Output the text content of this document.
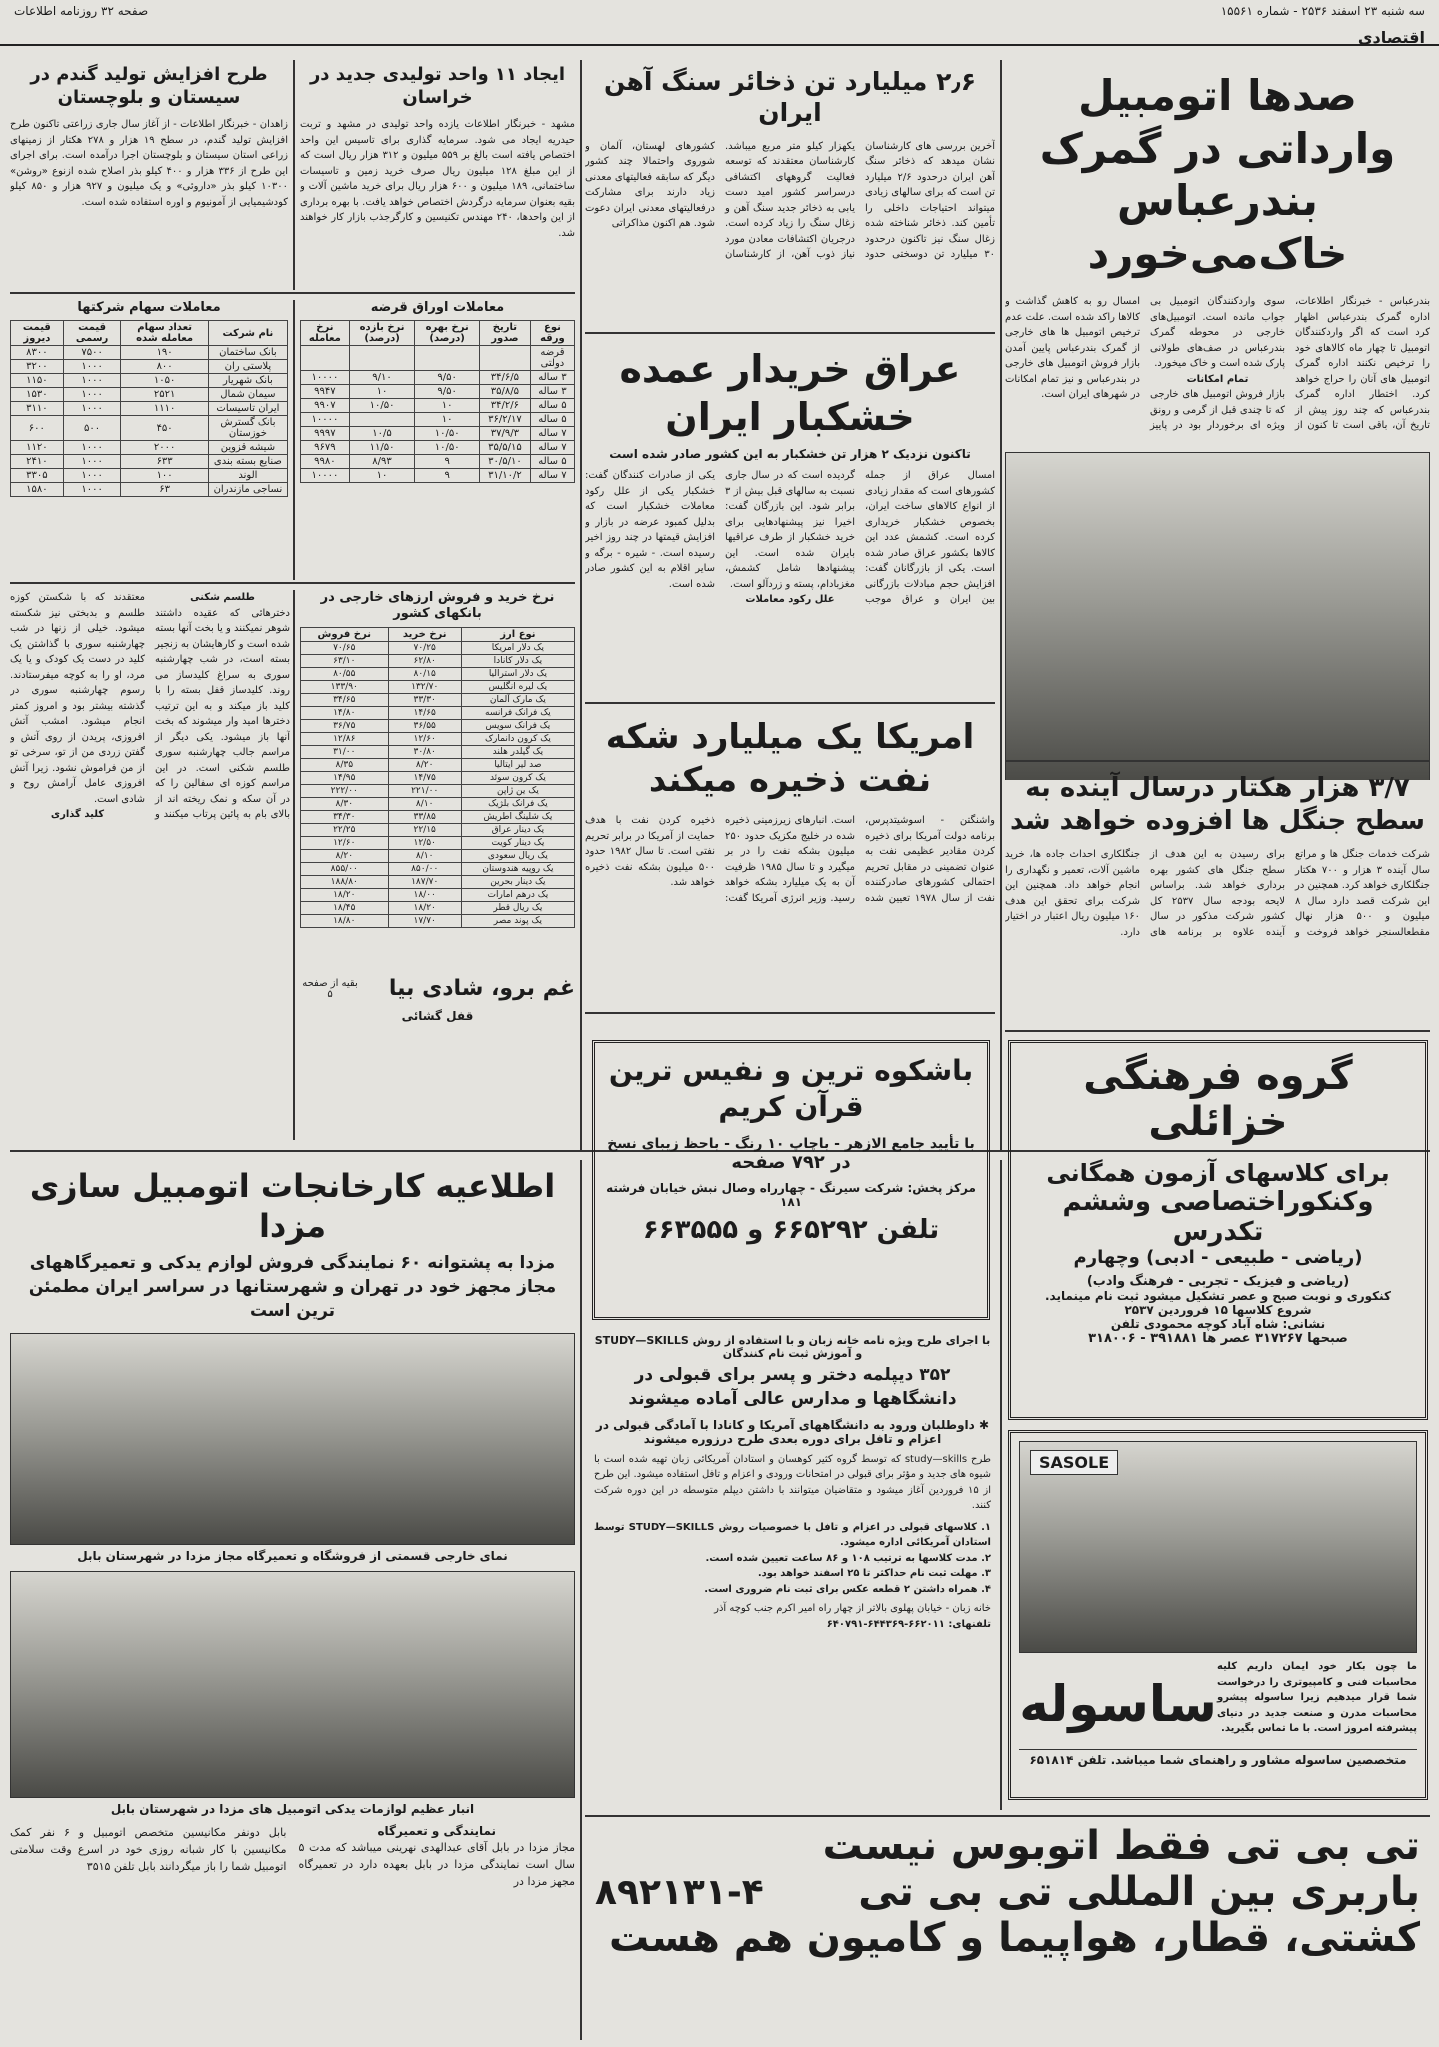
سه شنبه ۲۳ اسفند ۲۵۳۶ - شماره ۱۵۵۶۱
اقتصادی
صفحه ۳۲ روزنامه اطلاعات
صدها اتومبیل وارداتی در گمرک بندرعباس خاک‌می‌خورد
بندرعباس - خبرنگار اطلاعات، اداره گمرک بندرعباس اظهار کرد است که اگر واردکنندگان اتومبیل تا چهار ماه کالاهای خود را ترخیص نکنند اداره گمرک اتومبیل های آنان را حراج خواهد کرد. اختطار اداره گمرک بندرعباس که چند روز پیش از تاریخ آن، باقی است تا کنون از سوی واردکنندگان اتومبیل بی جواب مانده است. اتومبیل‌های خارجی در محوطه گمرک بندرعباس در صف‌های طولانی پارک شده است و خاک میخورد.
تمام امکانات
بازار فروش اتومبیل های خارجی که تا چندی قبل از گرمی و رونق ویژه ای برخوردار بود در پاییز امسال رو به کاهش گذاشت و کالاها راکد شده است. علت عدم ترخیص اتومبیل ها های خارجی از گمرک بندرعباس پایین آمدن بازار فروش اتومبیل های خارجی در بندرعباس و نیز تمام امکانات در شهرهای ایران است.
۳/۷ هزار هکتار درسال آینده به سطح جنگل ها افزوده خواهد شد
شرکت خدمات جنگل ها و مراتع سال آینده ۳ هزار و ۷۰۰ هکتار جنگلکاری خواهد کرد. همچنین در این شرکت قصد دارد سال ۸ میلیون و ۵۰۰ هزار نهال مقطعالسنجر خواهد فروخت و برای رسیدن به این هدف از سطح جنگل های کشور بهره برداری خواهد شد. براساس لایحه بودجه سال ۲۵۳۷ کل کشور شرکت مذکور در سال آینده علاوه بر برنامه های جنگلکاری احداث جاده ها، خرید ماشین آلات، تعمیر و نگهداری را انجام خواهد داد. همچنین این شرکت برای تحقق این هدف ۱۶۰ میلیون ریال اعتبار در اختیار دارد.
گروه فرهنگی خزائلی
برای کلاسهای آزمون همگانی
وکنکوراختصاصی وششم تکدرس
(ریاضی - طبیعی - ادبی) وچهارم
(ریاضی و فیزیک - تجربی - فرهنگ وادب)
کنکوری و نوبت صبح و عصر تشکیل میشود ثبت نام مینماید.
شروع کلاسها ۱۵ فروردین ۲۵۳۷
نشانی: شاه آباد کوچه محمودی تلفن
صبحها ۳۱۷۲۶۷ عصر ها ۳۹۱۸۸۱ - ۳۱۸۰۰۶
SASOLE
ما چون بکار خود ایمان داریم کلیه محاسبات فنی و کامپیوتری را درخواست شما قرار میدهیم زیرا ساسوله پیشرو محاسبات مدرن و صنعت جدید در دنیای پیشرفته امروز است. با ما تماس بگیرید.
ساسوله
متخصصین ساسوله مشاور و راهنمای شما میباشد. تلفن ۶۵۱۸۱۴
۲٫۶ میلیارد تن ذخائر سنگ آهن ایران
آخرین بررسی های کارشناسان نشان میدهد که ذخائر سنگ آهن ایران درحدود ۲/۶ میلیارد تن است که برای سالهای زیادی میتواند احتیاجات داخلی را تأمین کند. ذخائر شناخته شده زغال سنگ نیز تاکنون درحدود ۳۰ میلیارد تن دوسختی حدود یکهزار کیلو متر مربع میباشد. کارشناسان معتقدند که توسعه فعالیت گروههای اکتشافی درسراسر کشور امید دست یابی به ذخائر جدید سنگ آهن و زغال سنگ را زیاد کرده است. درجریان اکتشافات معادن مورد نیاز ذوب آهن، از کارشناسان کشورهای لهستان، آلمان و شوروی واحتمالا چند کشور دیگر که سابقه فعالیتهای معدنی زیاد دارند برای مشارکت درفعالیتهای معدنی ایران دعوت شود. هم اکنون مذاکراتی
عراق خریدار عمده خشکبار ایران
تاکنون نزدیک ۲ هزار تن خشکبار به این کشور صادر شده است
امسال عراق از جمله کشورهای است که مقدار زیادی از انواع کالاهای ساخت ایران، بخصوص خشکبار خریداری کرده است. کشمش عدد این کالاها بکشور عراق صادر شده است. یکی از بازرگانان گفت: افزایش حجم مبادلات بازرگانی بین ایران و عراق موجب گردیده است که در سال جاری نسبت به سالهای قبل بیش از ۳ برابر شود. این بازرگان گفت: اخیرا نیز پیشنهادهایی برای خرید خشکبار از طرف عراقیها بایران شده است. این پیشنهادها شامل کشمش، مغزبادام، پسته و زردآلو است.
علل رکود معاملات
یکی از صادرات کنندگان گفت: خشکبار یکی از علل رکود معاملات خشکبار است که بدلیل کمبود عرضه در بازار و افزایش قیمتها در چند روز اخیر رسیده است. - شیره - برگه و سایر اقلام به این کشور صادر شده است.
امریکا یک میلیارد شکه نفت ذخیره میکند
واشنگتن - اسوشیتدپرس، برنامه دولت آمریکا برای ذخیره کردن مقادیر عظیمی نفت به عنوان تضمینی در مقابل تحریم احتمالی کشورهای صادرکننده نفت از سال ۱۹۷۸ تعیین شده است. انبارهای زیرزمینی ذخیره شده در خلیج مکزیک حدود ۲۵۰ میلیون بشکه نفت را در بر میگیرد و تا سال ۱۹۸۵ ظرفیت آن به یک میلیارد بشکه خواهد رسید. وزیر انرژی آمریکا گفت: ذخیره کردن نفت با هدف حمایت از آمریکا در برابر تحریم نفتی است. تا سال ۱۹۸۲ حدود ۵۰۰ میلیون بشکه نفت ذخیره خواهد شد.
باشکوه ترین و نفیس ترین قرآن کریم
با تأیید جامع الازهر - باچاپ ۱۰ رنگ - باحظ زیبای نسخ
در ۷۹۲ صفحه
مرکز پخش: شرکت سیرنگ - چهارراه وصال نبش خیابان فرشته ۱۸۱
تلفن ۶۶۵۲۹۲ و ۶۶۳۵۵۵
با اجرای طرح ویژه نامه خانه زبان و با استفاده از روش STUDY—SKILLS و آموزش ثبت نام کنندگان
۳۵۲ دیپلمه دختر و پسر برای قبولی در دانشگاهها و مدارس عالی آماده میشوند
✱ داوطلبان ورود به دانشگاههای آمریکا و کانادا با آمادگی قبولی در اعزام و تافل برای دوره بعدی طرح درزوره میشوند
طرح study—skills که توسط گروه کثیر کوهسان و استادان آمریکائی زبان تهیه شده است با شیوه های جدید و مؤثر برای قبولی در امتحانات ورودی و اعزام و تافل استفاده میشود. این طرح از ۱۵ فروردین آغاز میشود و متقاضیان میتوانند با داشتن دیپلم متوسطه در این دوره شرکت کنند.
۱. کلاسهای قبولی در اعزام و تافل با خصوصیات روش STUDY—SKILLS توسط استادان آمریکائی اداره میشود.
۲. مدت کلاسها به ترتیب ۱۰۸ و ۸۶ ساعت تعیین شده است.
۳. مهلت ثبت نام حداکثر تا ۲۵ اسفند خواهد بود.
۴. همراه داشتن ۲ قطعه عکس برای ثبت نام ضروری است.
خانه زبان - خیابان پهلوی بالاتر از چهار راه امیر اکرم جنب کوچه آذر
تلفنهای: ۶۶۲۰۱۱-۶۴۴۳۶۹-۶۴۰۷۹۱
ایجاد ۱۱ واحد تولیدی جدید در خراسان
مشهد - خبرنگار اطلاعات یازده واحد تولیدی در مشهد و تربت حیدریه ایجاد می شود. سرمایه گذاری برای تاسیس این واحد اختصاص یافته است بالغ بر ۵۵۹ میلیون و ۳۱۲ هزار ریال است که از این مبلغ ۱۲۸ میلیون ریال صرف خرید زمین و تاسیسات ساختمانی، ۱۸۹ میلیون و ۶۰۰ هزار ریال برای خرید ماشین آلات و بقیه بعنوان سرمایه درگردش اختصاص خواهد یافت. با بهره برداری از این واحدها، ۲۴۰ مهندس تکنیسین و کارگرجذب بازار کار خواهند شد.
طرح افزایش تولید گندم در سیستان و بلوچستان
زاهدان - خبرنگار اطلاعات - از آغاز سال جاری زراعتی تاکنون طرح افزایش تولید گندم، در سطح ۱۹ هزار و ۲۷۸ هکتار از زمینهای زراعی استان سیستان و بلوچستان اجرا درآمده است. برای اجرای این طرح از ۳۳۶ هزار و ۴۰۰ کیلو بذر اصلاح شده ازنوع «روشن» ۱۰۳۰۰ کیلو بذر «داروئی» و یک میلیون و ۹۲۷ هزار و ۸۵۰ کیلو کودشیمیایی از آمونیوم و اوره استفاده شده است.
معاملات اوراق قرضه
نوع ورقه	تاریخ صدور	نرخ بهره (درصد)	نرخ بازده (درصد)	نرخ معامله
قرضه دولتی				
۳ ساله	۳۴/۶/۵	۹/۵۰	۹/۱۰	۱۰۰۰۰
۳ ساله	۳۵/۸/۵	۹/۵۰	۱۰	۹۹۴۷
۵ ساله	۳۴/۲/۶	۱۰	۱۰/۵۰	۹۹۰۷
۵ ساله	۳۶/۲/۱۷	۱۰		۱۰۰۰۰
۷ ساله	۳۷/۹/۳	۱۰/۵۰	۱۰/۵	۹۹۹۷
۷ ساله	۳۵/۵/۱۵	۱۰/۵۰	۱۱/۵۰	۹۶۷۹
۵ ساله	۳۰/۵/۱۰	۹	۸/۹۳	۹۹۸۰
۷ ساله	۳۱/۱۰/۲	۹	۱۰	۱۰۰۰۰
معاملات سهام شرکتها
نام شرکت	تعداد سهام معامله شده	قیمت رسمی	قیمت دیروز
بانک ساختمان	۱۹۰	۷۵۰۰	۸۳۰۰
پلاستی ران	۸۰۰	۱۰۰۰	۳۲۰۰
بانک شهریار	۱۰۵۰	۱۰۰۰	۱۱۵۰
سیمان شمال	۲۵۲۱	۱۰۰۰	۱۵۳۰
ایران تاسیسات	۱۱۱۰	۱۰۰۰	۳۱۱۰
بانک گسترش خوزستان	۴۵۰	۵۰۰	۶۰۰
شیشه قزوین	۲۰۰۰	۱۰۰۰	۱۱۲۰
صنایع بسته بندی	۶۳۳	۱۰۰۰	۲۴۱۰
الوند	۱۰۰	۱۰۰۰	۳۳۰۵
نساجی مازندران	۶۳	۱۰۰۰	۱۵۸۰
نرخ خرید و فروش ارزهای خارجی در بانکهای کشور
نوع ارز	نرخ خرید	نرخ فروش
یک دلار امریکا	۷۰/۲۵	۷۰/۶۵
یک دلار کانادا	۶۲/۸۰	۶۳/۱۰
یک دلار استرالیا	۸۰/۱۵	۸۰/۵۵
یک لیره انگلیس	۱۳۲/۷۰	۱۳۳/۹۰
یک مارک آلمان	۳۳/۳۰	۳۴/۶۵
یک فرانک فرانسه	۱۴/۶۵	۱۴/۸۰
یک فرانک سویس	۳۶/۵۵	۳۶/۷۵
یک کرون دانمارک	۱۲/۶۰	۱۲/۸۶
یک گیلدر هلند	۳۰/۸۰	۳۱/۰۰
صد لیر ایتالیا	۸/۲۰	۸/۳۵
یک کرون سوئد	۱۴/۷۵	۱۴/۹۵
یک ین ژاپن	۲۲۱/۰۰	۲۲۲/۰۰
یک فرانک بلژیک	۸/۱۰	۸/۳۰
یک شلینگ اطریش	۳۳/۸۵	۳۴/۳۰
یک دینار عراق	۲۲/۱۵	۲۲/۲۵
یک دینار کویت	۱۲/۵۰	۱۲/۶۰
یک ریال سعودی	۸/۱۰	۸/۲۰
یک روپیه هندوستان	۸۵۰/۰۰	۸۵۵/۰۰
یک دینار بحرین	۱۸۷/۷۰	۱۸۸/۸۰
یک درهم امارات	۱۸/۰۰	۱۸/۲۰
یک ریال قطر	۱۸/۲۰	۱۸/۴۵
یک پوند مصر	۱۷/۷۰	۱۸/۸۰
طلسم شکنی
دخترهائی که عقیده داشتند شوهر نمیکنند و یا بخت آنها بسته شده است و کارهایشان به زنجیر بسته است، در شب چهارشنبه سوری به سراغ کلیدساز می روند. کلیدساز قفل بسته را با کلید باز میکند و به این ترتیب دخترها امید وار میشوند که بخت آنها باز میشود. یکی دیگر از مراسم جالب چهارشنبه سوری طلسم شکنی است. در این مراسم کوزه ای سفالین را که در آن سکه و نمک ریخته اند از بالای بام به پائین پرتاب میکنند و معتقدند که با شکستن کوزه طلسم و بدبختی نیز شکسته میشود. خیلی از زنها در شب چهارشنبه سوری با گذاشتن یک کلید در دست یک کودک و یا یک مرد، او را به کوچه میفرستادند. رسوم چهارشنبه سوری در گذشته بیشتر بود و امروز کمتر انجام میشود. امشب آتش افروزی، پریدن از روی آتش و گفتن زردی من از تو، سرخی تو از من فراموش نشود. زیرا آتش افروزی عامل آرامش روح و شادی است.
کلید گذاری
غم برو، شادی بیا
بقیه از صفحه ۵
قفل گشائی
اطلاعیه کارخانجات اتومبیل سازی مزدا
مزدا به پشتوانه ۶۰ نمایندگی فروش لوازم یدکی و تعمیرگاههای مجاز مجهز خود در تهران و شهرستانها در سراسر ایران مطمئن ترین است
نمای خارجی قسمتی از فروشگاه و تعمیرگاه مجاز مزدا در شهرستان بابل
انبار عظیم لوازمات یدکی اتومبیل های مزدا در شهرستان بابل
نمایندگی و تعمیرگاه
مجاز مزدا در بابل آقای عبدالهدی نهرینی میباشد که مدت ۵ سال است نمایندگی مزدا در بابل بعهده دارد در تعمیرگاه مجهز مزدا در
بابل دونفر مکانیسین متخصص اتومبیل و ۶ نفر کمک مکانیسین با کار شبانه روزی خود در اسرع وقت سلامتی اتومبیل شما را باز میگردانند بابل تلفن ۳۵۱۵	تی بی تی فقط اتوبوس نیست
باربری بین المللی تی بی تی
۸۹۲۱۳۱-۴
کشتی، قطار، هواپیما و کامیون هم هست
